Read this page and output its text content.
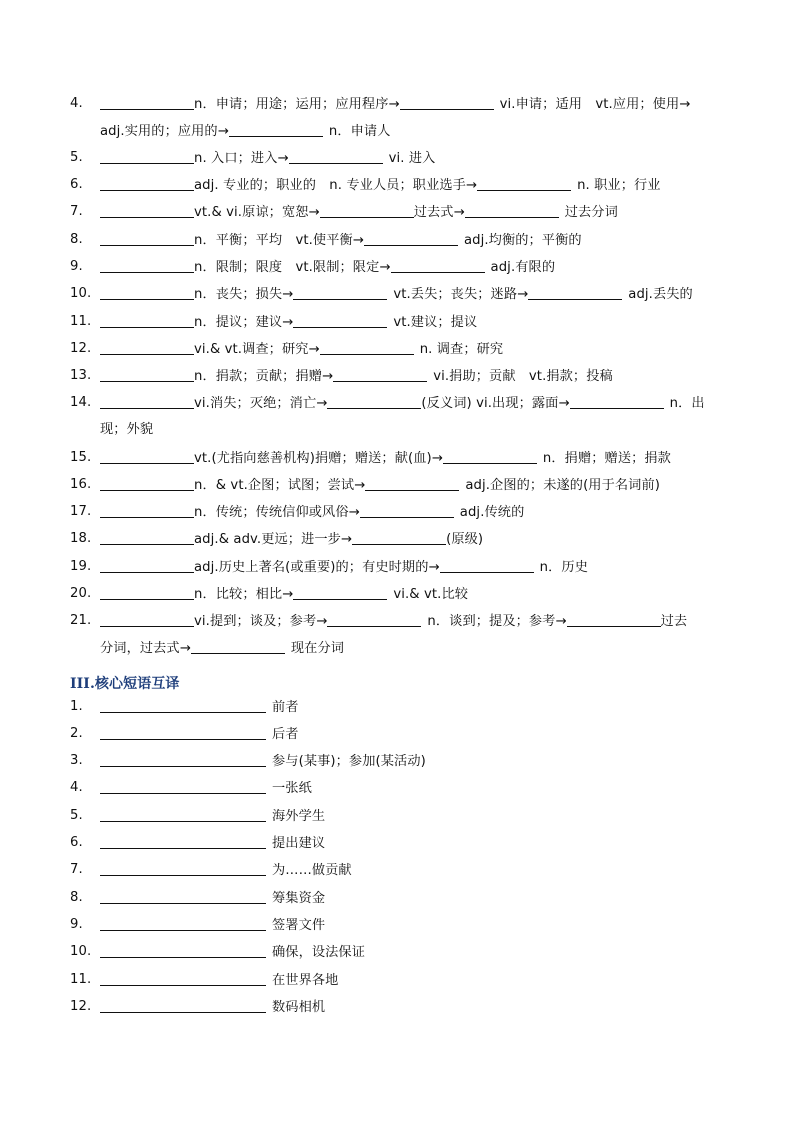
4.	n．申请；用途；运用；应用程序→	vi.申请；适用　vt.应用；使用→
adj.实用的；应用的→	n．申请人
5.	n. 入口；进入→	vi. 进入
6.	adj. 专业的；职业的　n. 专业人员；职业选手→	n. 职业；行业
7.	vt.& vi.原谅；宽恕→	过去式→	过去分词
8.	n．平衡；平均　vt.使平衡→	adj.均衡的；平衡的
9.	n．限制；限度　vt.限制；限定→	adj.有限的
10.	n．丧失；损失→	vt.丢失；丧失；迷路→	adj.丢失的
11.	n．提议；建议→	vt.建议；提议
12.	vi.& vt.调查；研究→	n. 调查；研究
13.	n．捐款；贡献；捐赠→	vi.捐助；贡献　vt.捐款；投稿
14.	vi.消失；灭绝；消亡→	(反义词) vi.出现；露面→	n．出
现；外貌
15.	vt.(尤指向慈善机构)捐赠；赠送；献(血)→	n．捐赠；赠送；捐款
16.	n．& vt.企图；试图；尝试→	adj.企图的；未遂的(用于名词前)
17.	n．传统；传统信仰或风俗→	adj.传统的
18.	adj.& adv.更远；进一步→	(原级)
19.	adj.历史上著名(或重要)的；有史时期的→	n．历史
20.	n．比较；相比→	vi.& vt.比较
21.	vi.提到；谈及；参考→	n．谈到；提及；参考→	过去
分词，过去式→	现在分词
III.核心短语互译
1.	前者
2.	后者
3.	参与(某事)；参加(某活动)
4.	一张纸
5.	海外学生
6.	提出建议
7.	为……做贡献
8.	筹集资金
9.	签署文件
10.	确保，设法保证
11.	在世界各地
12.	数码相机
